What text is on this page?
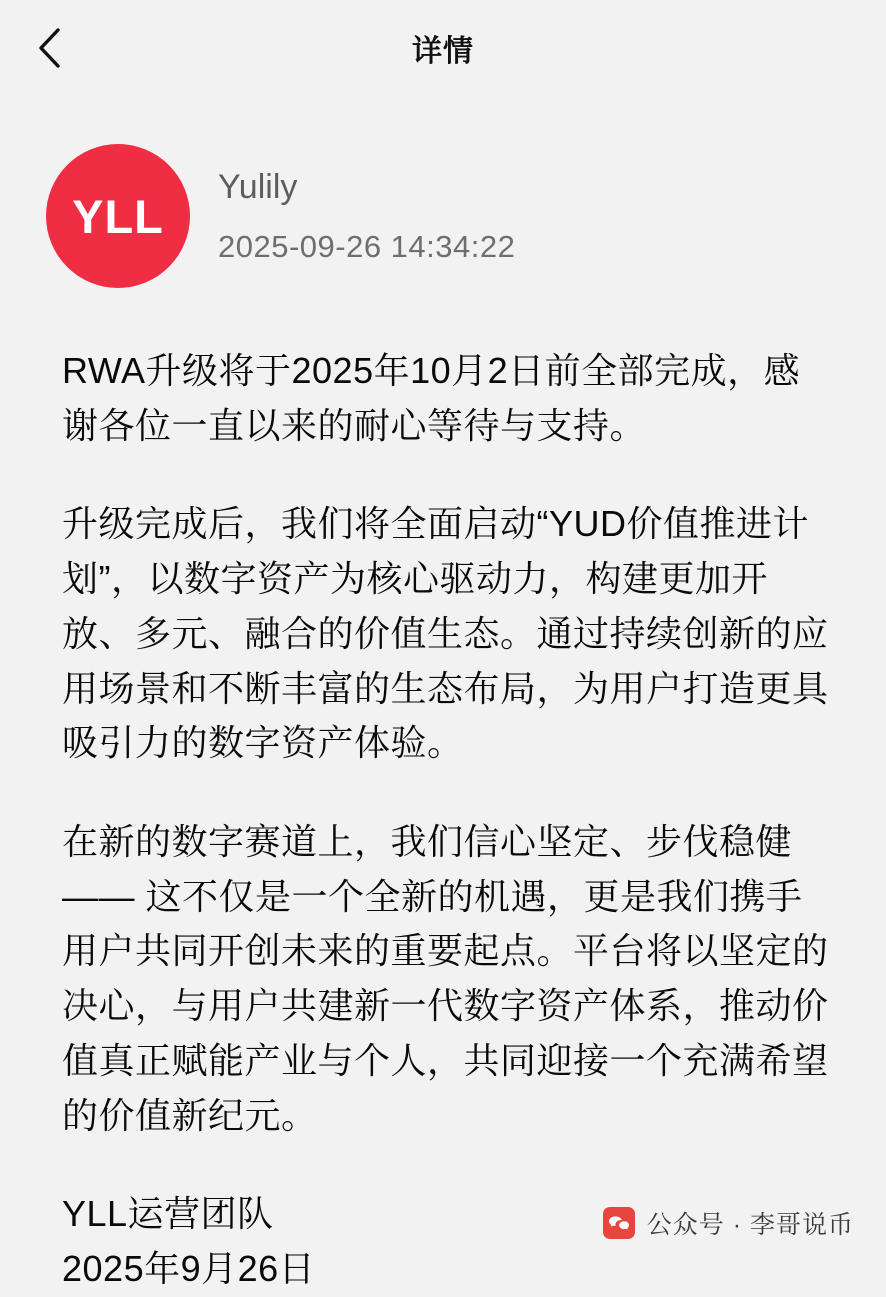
详情
YLL
Yulily
2025-09-26 14:34:22

RWA升级将于2025年10月2日前全部完成，感谢各位一直以来的耐心等待与支持。

升级完成后，我们将全面启动“YUD价值推进计划”，以数字资产为核心驱动力，构建更加开放、多元、融合的价值生态。通过持续创新的应用场景和不断丰富的生态布局，为用户打造更具吸引力的数字资产体验。

在新的数字赛道上，我们信心坚定、步伐稳健—— 这不仅是一个全新的机遇，更是我们携手用户共同开创未来的重要起点。平台将以坚定的决心，与用户共建新一代数字资产体系，推动价值真正赋能产业与个人，共同迎接一个充满希望的价值新纪元。

YLL运营团队

2025年9月26日

公众号 · 李哥说币
